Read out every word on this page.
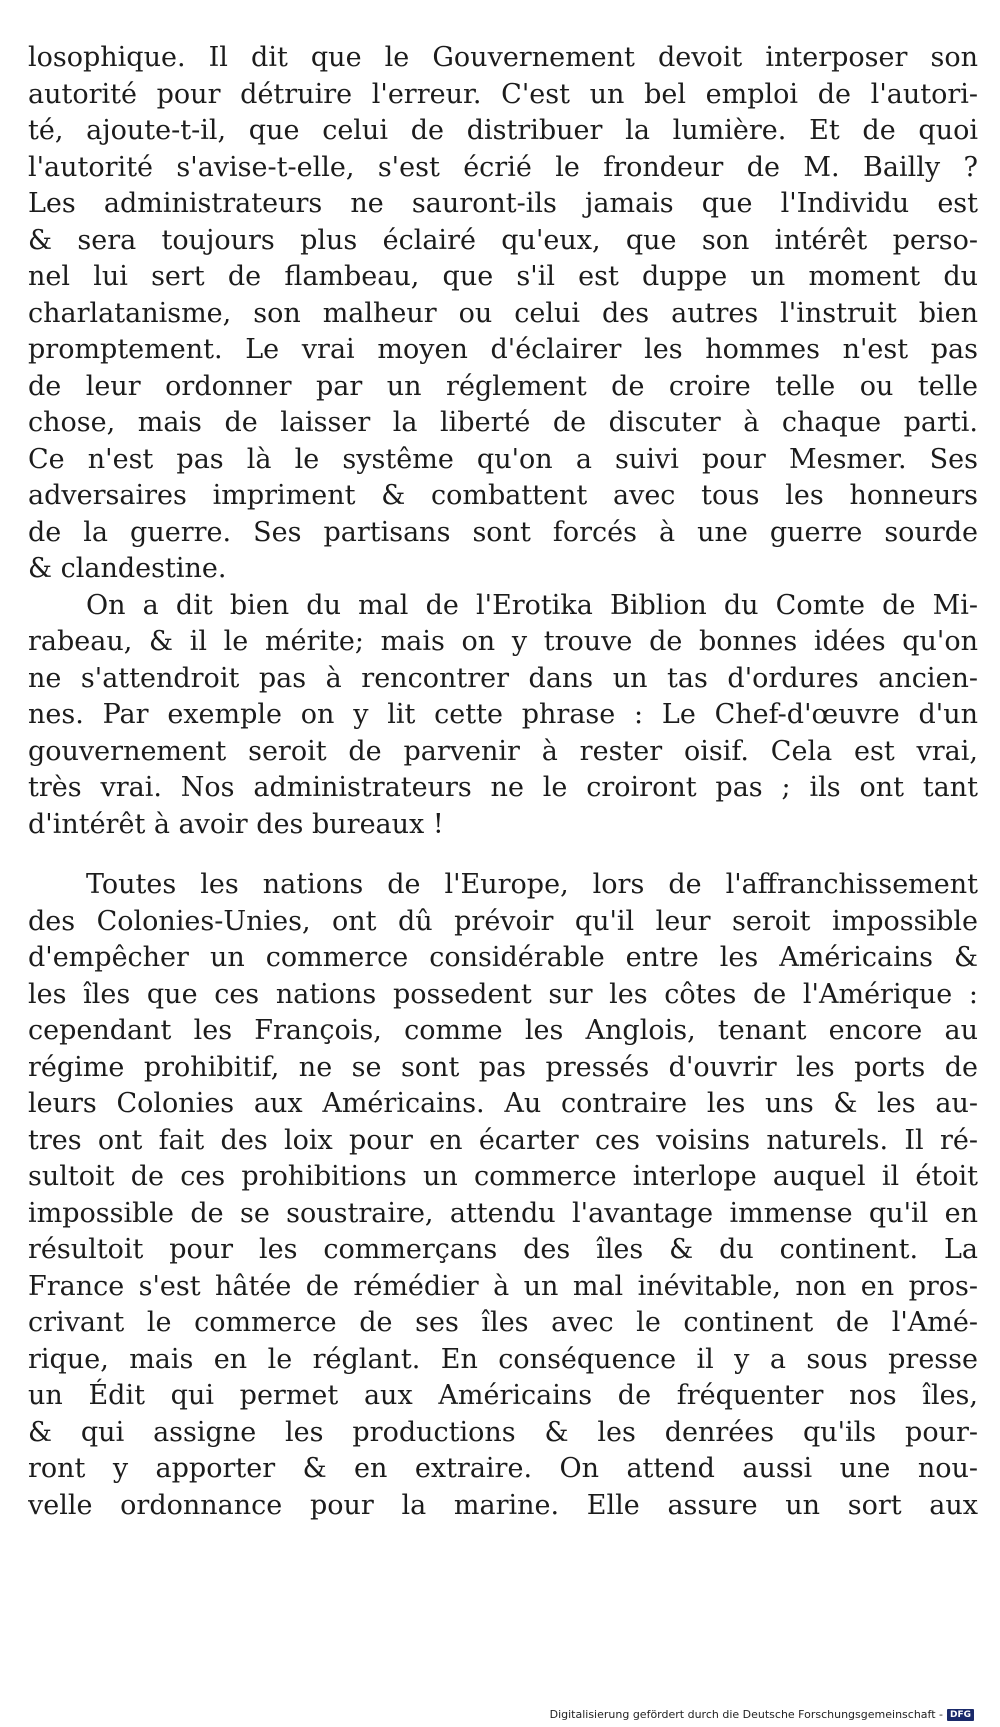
losophique. Il dit que le Gouvernement devoit interposer son
autorité pour détruire l'erreur. C'est un bel emploi de l'autori-
té, ajoute-t-il, que celui de distribuer la lumière. Et de quoi
l'autorité s'avise-t-elle, s'est écrié le frondeur de M. Bailly ?
Les administrateurs ne sauront-ils jamais que l'Individu est
& sera toujours plus éclairé qu'eux, que son intérêt perso-
nel lui sert de flambeau, que s'il est duppe un moment du
charlatanisme, son malheur ou celui des autres l'instruit bien
promptement. Le vrai moyen d'éclairer les hommes n'est pas
de leur ordonner par un réglement de croire telle ou telle
chose, mais de laisser la liberté de discuter à chaque parti.
Ce n'est pas là le systême qu'on a suivi pour Mesmer. Ses
adversaires impriment & combattent avec tous les honneurs
de la guerre. Ses partisans sont forcés à une guerre sourde
& clandestine.
On a dit bien du mal de l'Erotika Biblion du Comte de Mi-
rabeau, & il le mérite; mais on y trouve de bonnes idées qu'on
ne s'attendroit pas à rencontrer dans un tas d'ordures ancien-
nes. Par exemple on y lit cette phrase : Le Chef-d'œuvre d'un
gouvernement seroit de parvenir à rester oisif. Cela est vrai,
très vrai. Nos administrateurs ne le croiront pas ; ils ont tant
d'intérêt à avoir des bureaux !
Toutes les nations de l'Europe, lors de l'affranchissement
des Colonies-Unies, ont dû prévoir qu'il leur seroit impossible
d'empêcher un commerce considérable entre les Américains &
les îles que ces nations possedent sur les côtes de l'Amérique :
cependant les François, comme les Anglois, tenant encore au
régime prohibitif, ne se sont pas pressés d'ouvrir les ports de
leurs Colonies aux Américains. Au contraire les uns & les au-
tres ont fait des loix pour en écarter ces voisins naturels. Il ré-
sultoit de ces prohibitions un commerce interlope auquel il étoit
impossible de se soustraire, attendu l'avantage immense qu'il en
résultoit pour les commerçans des îles & du continent. La
France s'est hâtée de rémédier à un mal inévitable, non en pros-
crivant le commerce de ses îles avec le continent de l'Amé-
rique, mais en le réglant. En conséquence il y a sous presse
un Édit qui permet aux Américains de fréquenter nos îles,
& qui assigne les productions & les denrées qu'ils pour-
ront y apporter & en extraire. On attend aussi une nou-
velle ordonnance pour la marine. Elle assure un sort aux
Digitalisierung gefördert durch die Deutsche Forschungsgemeinschaft - DFG
